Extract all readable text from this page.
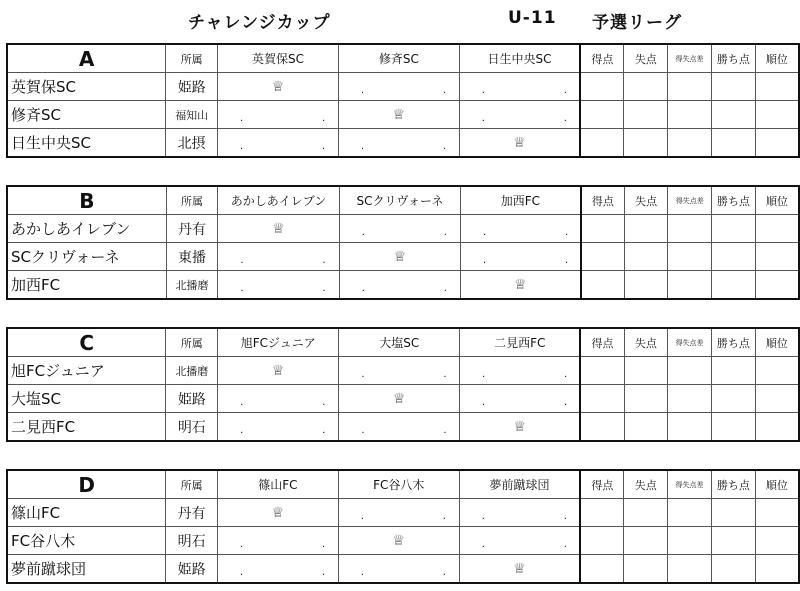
チャレンジカップ	U-11 予選リーグ
A	所属	英賀保SC	修斉SC	日生中央SC	得点	失点	得失点差	勝ち点	順位
英賀保SC	姫路	♕	. .	. .					

修斉SC	福知山	. .	♕	. .					

日生中央SC	北摂	. .	. .	♕					
B	所属	あかしあイレブン	SCクリヴォーネ	加西FC	得点	失点	得失点差	勝ち点	順位
あかしあイレブン	丹有	♕	. .	. .					

SCクリヴォーネ	東播	. .	♕	. .					

加西FC	北播磨	. .	. .	♕					
C	所属	旭FCジュニア	大塩SC	二見西FC	得点	失点	得失点差	勝ち点	順位
旭FCジュニア	北播磨	♕	. .	. .					

大塩SC	姫路	. .	♕	. .					

二見西FC	明石	. .	. .	♕					
D	所属	篠山FC	FC谷八木	夢前蹴球団	得点	失点	得失点差	勝ち点	順位
篠山FC	丹有	♕	. .	. .					

FC谷八木	明石	. .	♕	. .					

夢前蹴球団	姫路	. .	. .	♕					
